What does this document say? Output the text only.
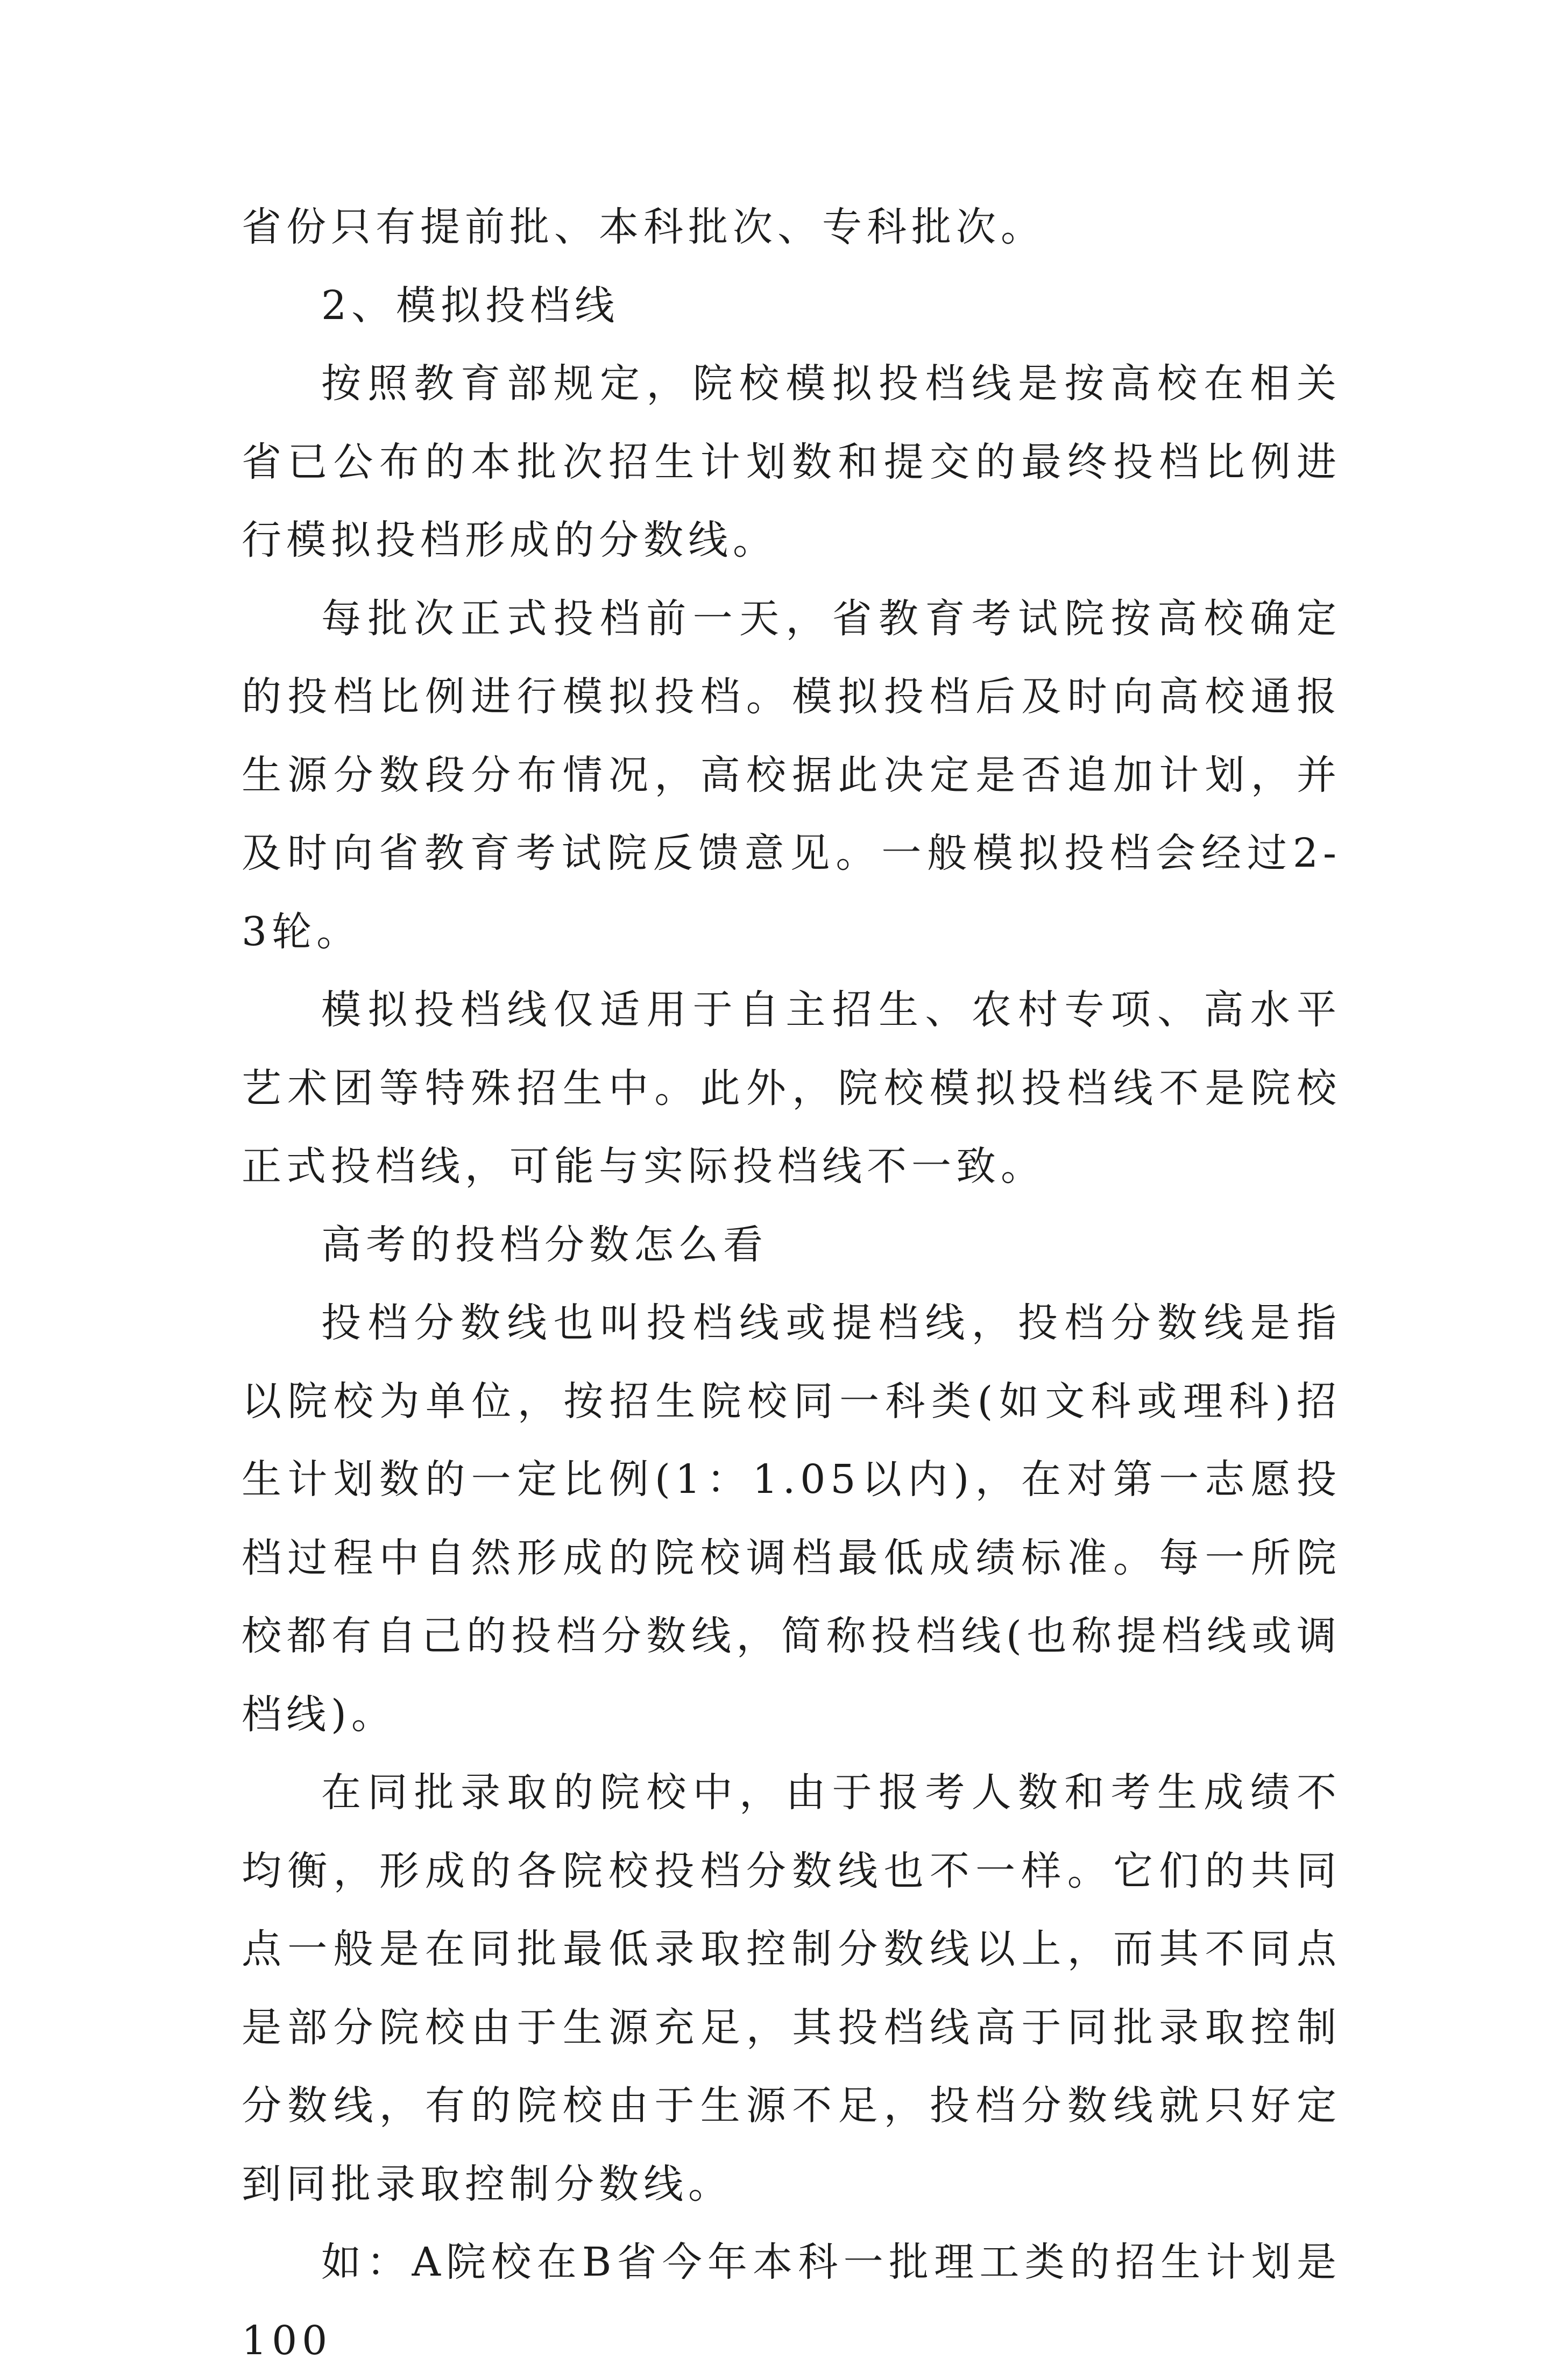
省份只有提前批、本科批次、专科批次。

2、模拟投档线

按照教育部规定，院校模拟投档线是按高校在相关省已公布的本批次招生计划数和提交的最终投档比例进行模拟投档形成的分数线。

每批次正式投档前一天，省教育考试院按高校确定的投档比例进行模拟投档。模拟投档后及时向高校通报生源分数段分布情况，高校据此决定是否追加计划，并及时向省教育考试院反馈意见。一般模拟投档会经过2-3轮。

模拟投档线仅适用于自主招生、农村专项、高水平艺术团等特殊招生中。此外，院校模拟投档线不是院校正式投档线，可能与实际投档线不一致。

高考的投档分数怎么看

投档分数线也叫投档线或提档线，投档分数线是指以院校为单位，按招生院校同一科类(如文科或理科)招生计划数的一定比例(1：1.05以内)，在对第一志愿投档过程中自然形成的院校调档最低成绩标准。每一所院校都有自己的投档分数线，简称投档线(也称提档线或调档线)。

在同批录取的院校中，由于报考人数和考生成绩不均衡，形成的各院校投档分数线也不一样。它们的共同点一般是在同批最低录取控制分数线以上，而其不同点是部分院校由于生源充足，其投档线高于同批录取控制分数线，有的院校由于生源不足，投档分数线就只好定到同批录取控制分数线。

如：A院校在B省今年本科一批理工类的招生计划是100
